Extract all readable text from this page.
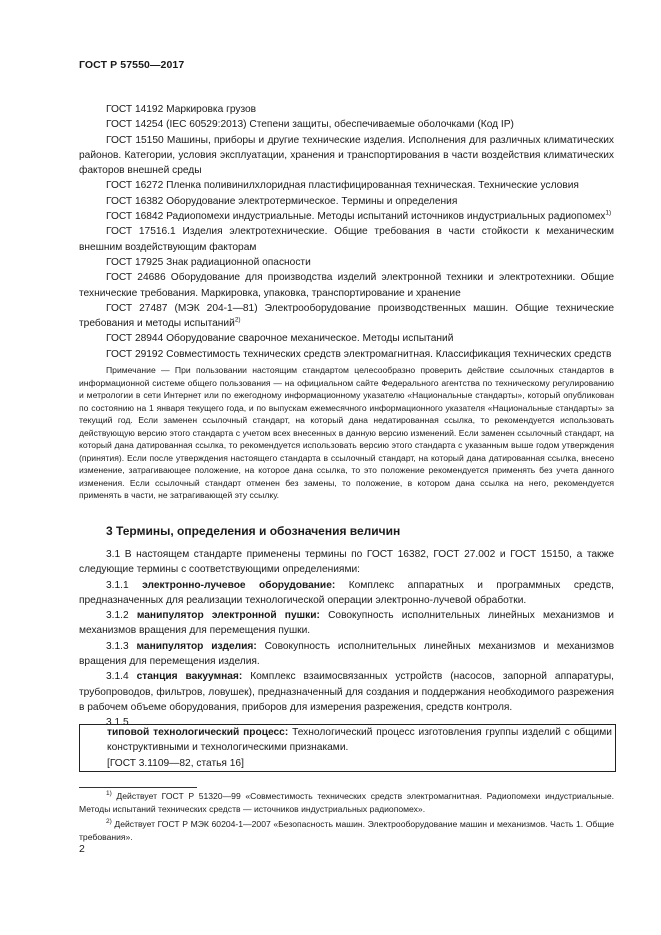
ГОСТ Р 57550—2017

ГОСТ 14192 Маркировка грузов

ГОСТ 14254 (IEC 60529:2013) Степени защиты, обеспечиваемые оболочками (Код IP)

ГОСТ 15150 Машины, приборы и другие технические изделия. Исполнения для различных климатических районов. Категории, условия эксплуатации, хранения и транспортирования в части воздействия климатических факторов внешней среды

ГОСТ 16272 Пленка поливинилхлоридная пластифицированная техническая. Технические условия

ГОСТ 16382 Оборудование электротермическое. Термины и определения

ГОСТ 16842 Радиопомехи индустриальные. Методы испытаний источников индустриальных радиопомех$^{1)}$

ГОСТ 17516.1 Изделия электротехнические. Общие требования в части стойкости к механическим внешним воздействующим факторам

ГОСТ 17925 Знак радиационной опасности

ГОСТ 24686 Оборудование для производства изделий электронной техники и электротехники. Общие технические требования. Маркировка, упаковка, транспортирование и хранение

ГОСТ 27487 (МЭК 204-1—81) Электрооборудование производственных машин. Общие технические требования и методы испытаний$^{2)}$

ГОСТ 28944 Оборудование сварочное механическое. Методы испытаний

ГОСТ 29192 Совместимость технических средств электромагнитная. Классификация технических средств

Примечание — При пользовании настоящим стандартом целесообразно проверить действие ссылочных стандартов в информационной системе общего пользования — на официальном сайте Федерального агентства по техническому регулированию и метрологии в сети Интернет или по ежегодному информационному указателю «Национальные стандарты», который опубликован по состоянию на 1 января текущего года, и по выпускам ежемесячного информационного указателя «Национальные стандарты» за текущий год. Если заменен ссылочный стандарт, на который дана недатированная ссылка, то рекомендуется использовать действующую версию этого стандарта с учетом всех внесенных в данную версию изменений. Если заменен ссылочный стандарт, на который дана датированная ссылка, то рекомендуется использовать версию этого стандарта с указанным выше годом утверждения (принятия). Если после утверждения настоящего стандарта в ссылочный стандарт, на который дана датированная ссылка, внесено изменение, затрагивающее положение, на которое дана ссылка, то это положение рекомендуется применять без учета данного изменения. Если ссылочный стандарт отменен без замены, то положение, в котором дана ссылка на него, рекомендуется применять в части, не затрагивающей эту ссылку.

3 Термины, определения и обозначения величин

3.1 В настоящем стандарте применены термины по ГОСТ 16382, ГОСТ 27.002 и ГОСТ 15150, а также следующие термины с соответствующими определениями:

3.1.1 электронно-лучевое оборудование: Комплекс аппаратных и программных средств, предназначенных для реализации технологической операции электронно-лучевой обработки.

3.1.2 манипулятор электронной пушки: Совокупность исполнительных линейных механизмов и механизмов вращения для перемещения пушки.

3.1.3 манипулятор изделия: Совокупность исполнительных линейных механизмов и механизмов вращения для перемещения изделия.

3.1.4 станция вакуумная: Комплекс взаимосвязанных устройств (насосов, запорной аппаратуры, трубопроводов, фильтров, ловушек), предназначенный для создания и поддержания необходимого разрежения в рабочем объеме оборудования, приборов для измерения разрежения, средств контроля.

3.1.5

типовой технологический процесс: Технологический процесс изготовления группы изделий с общими конструктивными и технологическими признаками.
[ГОСТ 3.1109—82, статья 16]

$^{1)}$ Действует ГОСТ Р 51320—99 «Совместимость технических средств электромагнитная. Радиопомехи индустриальные. Методы испытаний технических средств — источников индустриальных радиопомех».

$^{2)}$ Действует ГОСТ Р МЭК 60204-1—2007 «Безопасность машин. Электрооборудование машин и механизмов. Часть 1. Общие требования».

2
